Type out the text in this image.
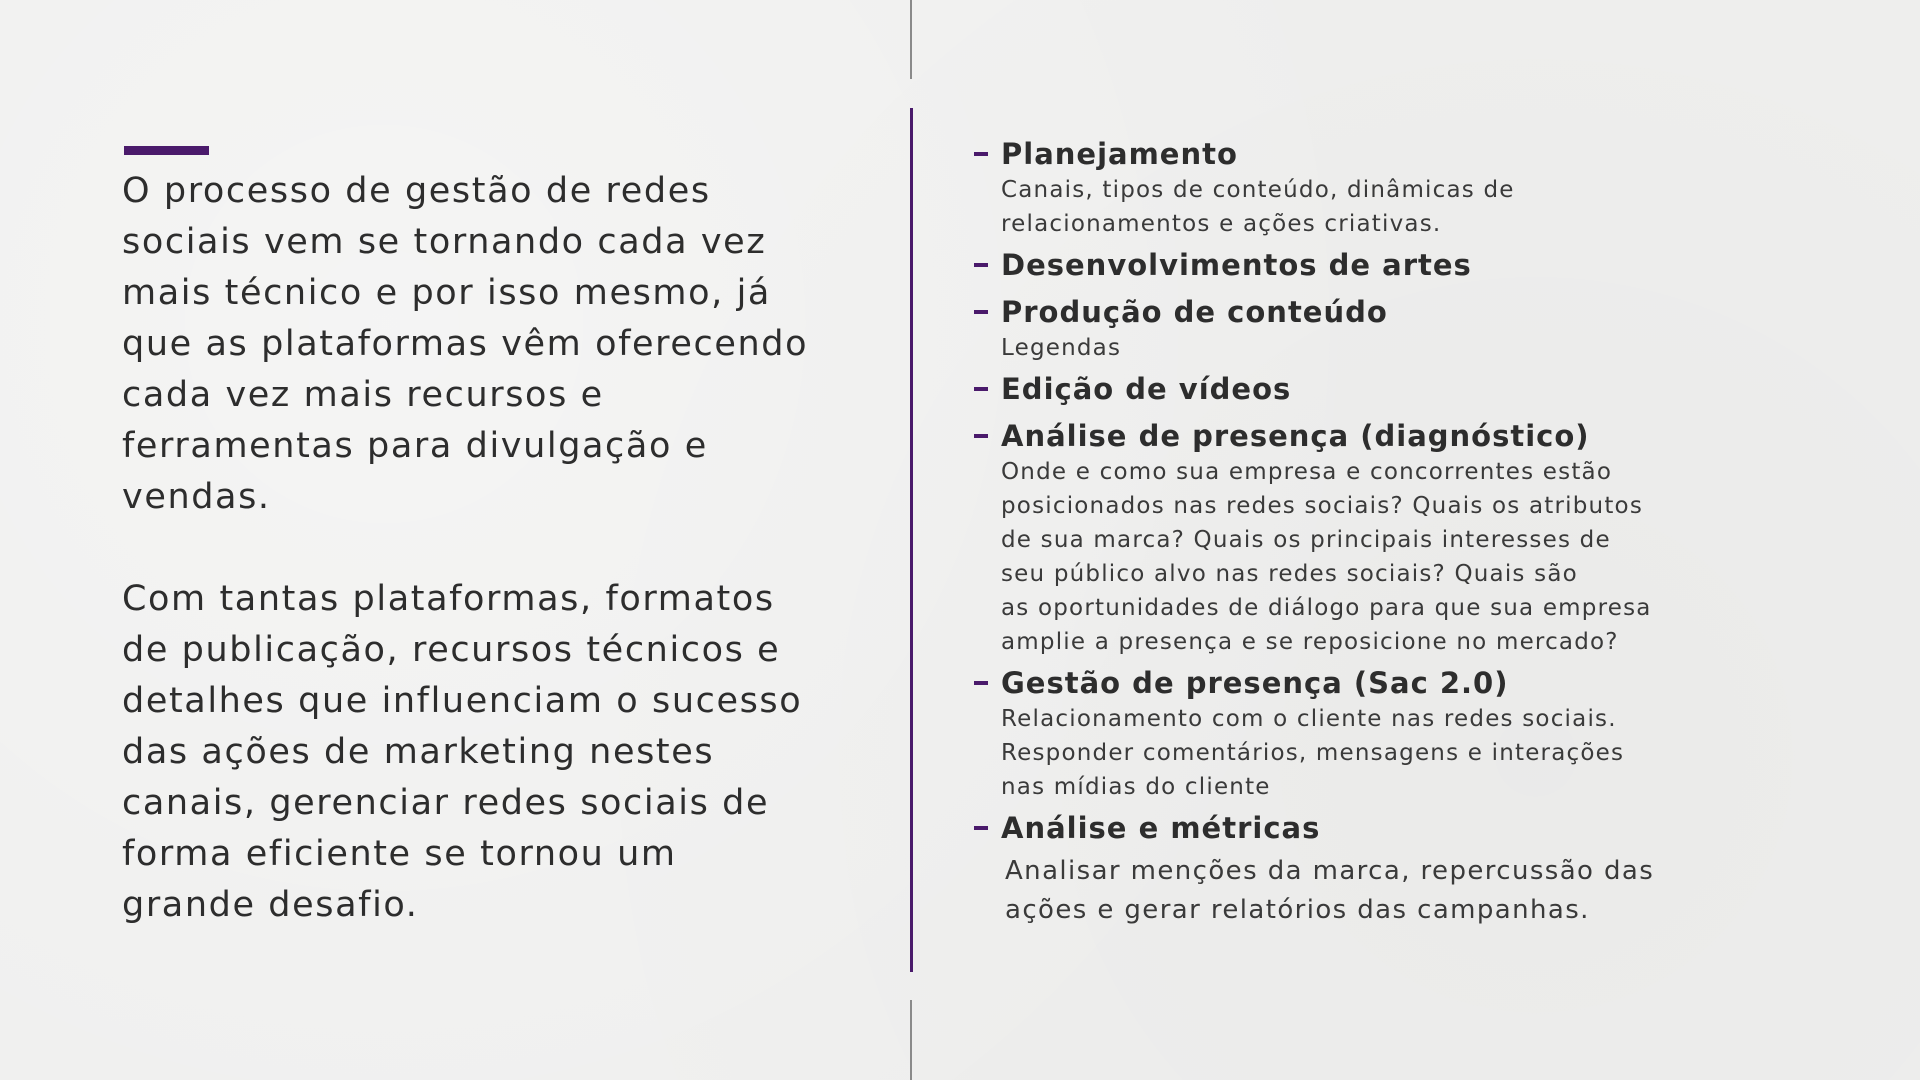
O processo de gestão de redes
sociais vem se tornando cada vez
mais técnico e por isso mesmo, já
que as plataformas vêm oferecendo
cada vez mais recursos e
ferramentas para divulgação e
vendas.

Com tantas plataformas, formatos
de publicação, recursos técnicos e
detalhes que influenciam o sucesso
das ações de marketing nestes
canais, gerenciar redes sociais de
forma eficiente se tornou um
grande desafio.

Planejamento
Canais, tipos de conteúdo, dinâmicas de
relacionamentos e ações criativas.
Desenvolvimentos de artes
Produção de conteúdo
Legendas
Edição de vídeos
Análise de presença (diagnóstico)
Onde e como sua empresa e concorrentes estão
posicionados nas redes sociais? Quais os atributos
de sua marca? Quais os principais interesses de
seu público alvo nas redes sociais? Quais são
as oportunidades de diálogo para que sua empresa
amplie a presença e se reposicione no mercado?
Gestão de presença (Sac 2.0)
Relacionamento com o cliente nas redes sociais.
Responder comentários, mensagens e interações
nas mídias do cliente
Análise e métricas
Analisar menções da marca, repercussão das
ações e gerar relatórios das campanhas.
